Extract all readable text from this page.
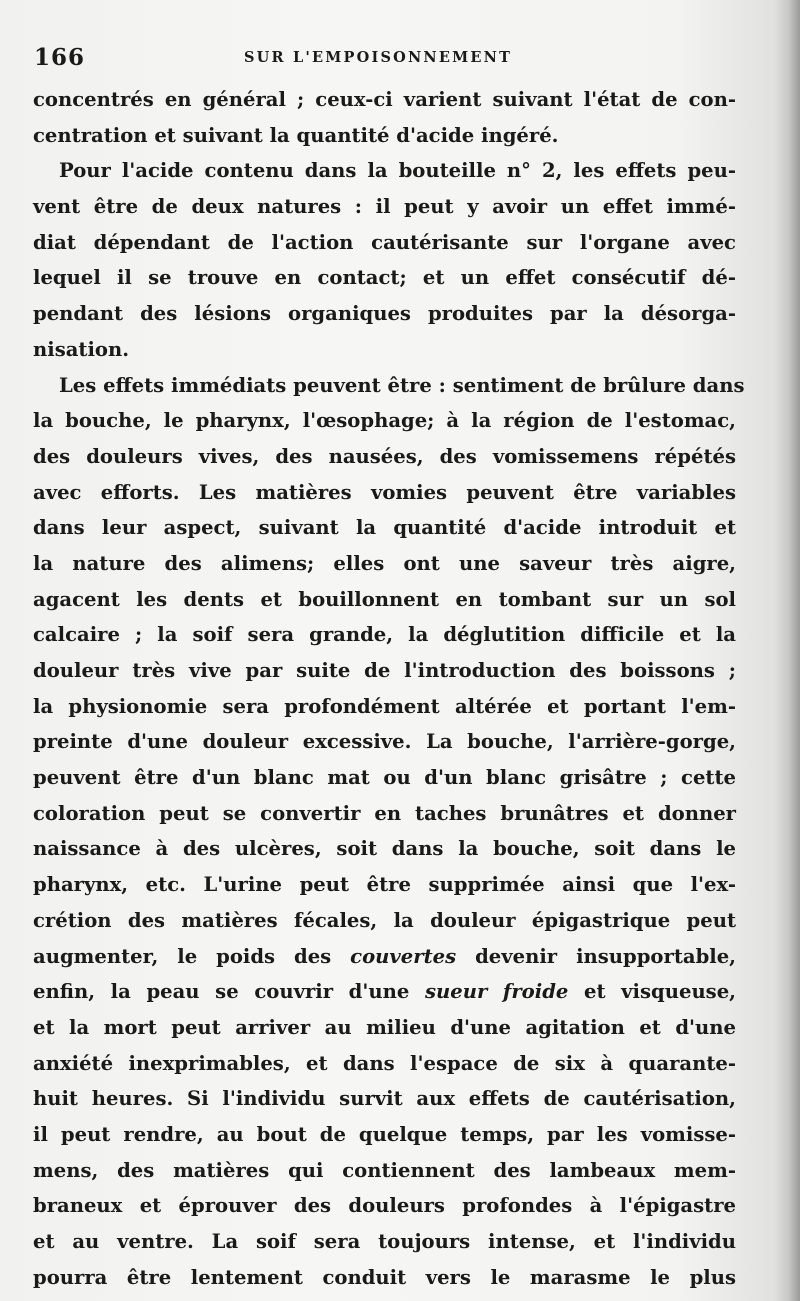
166	SUR L'EMPOISONNEMENT
concentrés en général ; ceux-ci varient suivant l'état de con-
centration et suivant la quantité d'acide ingéré.
Pour l'acide contenu dans la bouteille n° 2, les effets peu-
vent être de deux natures : il peut y avoir un effet immé-
diat dépendant de l'action cautérisante sur l'organe avec
lequel il se trouve en contact; et un effet consécutif dé-
pendant des lésions organiques produites par la désorga-
nisation.
Les effets immédiats peuvent être : sentiment de brûlure dans
la bouche, le pharynx, l'œsophage; à la région de l'estomac,
des douleurs vives, des nausées, des vomissemens répétés
avec efforts. Les matières vomies peuvent être variables
dans leur aspect, suivant la quantité d'acide introduit et
la nature des alimens; elles ont une saveur très aigre,
agacent les dents et bouillonnent en tombant sur un sol
calcaire ; la soif sera grande, la déglutition difficile et la
douleur très vive par suite de l'introduction des boissons ;
la physionomie sera profondément altérée et portant l'em-
preinte d'une douleur excessive. La bouche, l'arrière-gorge,
peuvent être d'un blanc mat ou d'un blanc grisâtre ; cette
coloration peut se convertir en taches brunâtres et donner
naissance à des ulcères, soit dans la bouche, soit dans le
pharynx, etc. L'urine peut être supprimée ainsi que l'ex-
crétion des matières fécales, la douleur épigastrique peut
augmenter, le poids des couvertes devenir insupportable,
enfin, la peau se couvrir d'une sueur froide et visqueuse,
et la mort peut arriver au milieu d'une agitation et d'une
anxiété inexprimables, et dans l'espace de six à quarante-
huit heures. Si l'individu survit aux effets de cautérisation,
il peut rendre, au bout de quelque temps, par les vomisse-
mens, des matières qui contiennent des lambeaux mem-
braneux et éprouver des douleurs profondes à l'épigastre
et au ventre. La soif sera toujours intense, et l'individu
pourra être lentement conduit vers le marasme le plus
